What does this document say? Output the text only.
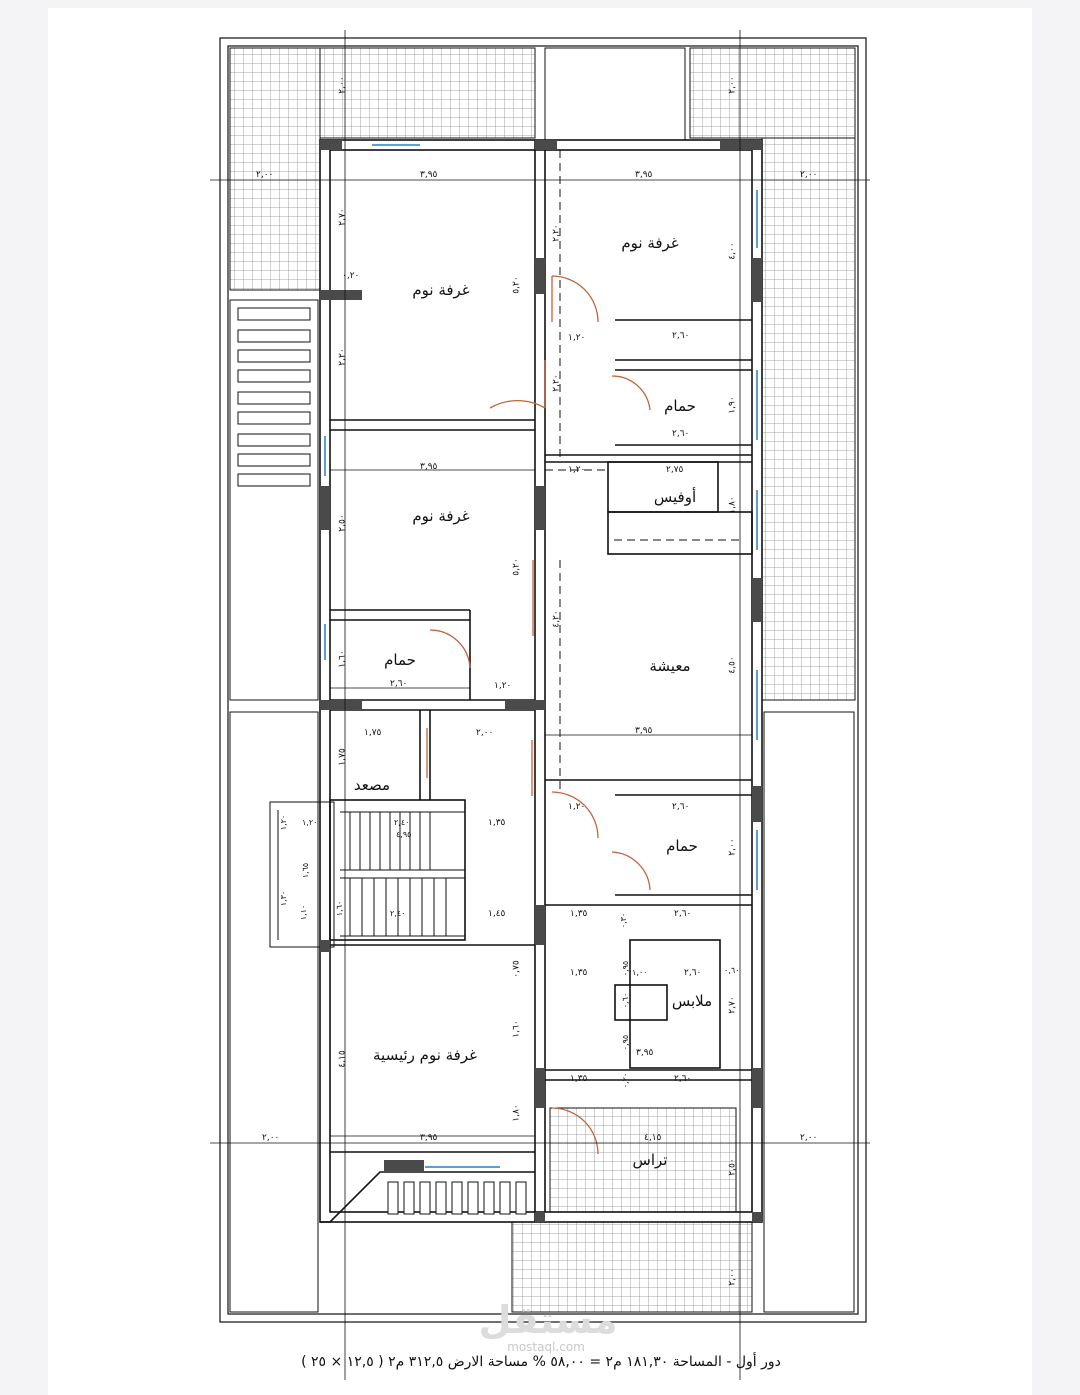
غرفة نوم
غرفة نوم
حمام
أوفيس
غرفة نوم
حمام	معيشة
مصعد
حمام
ملابس
غرفة نوم رئيسية
تراس
٢,٠٠	٢,٠٠
٣,٩٥	٣,٩٥
٢,٠٠	٢,٠٠
٢,٧٠
٢,٢٠
٠,٢٠
٥,٢٠
٢,٢٠
٤,٠٠
١,٢٠	٢,٦٠
٢,٢٠
١,٩٠
٢,٦٠
١,٢٠	٢,٧٥
١,٨٠
٣,٩٥
٢,٥٠
٥,٢٠
٤,٢٠
١,٦٠	٤,٥٠
٢,٦٠	١,٢٠
١,٧٥	٢,٠٠	٣,٩٥
١,٧٥
١,٢٠	٢,٦٠
٢,٠٠
١,٢٠	٢,٤٠
٤,٩٥
١,٣٥
١,٢٠
١,٦٥
١,٣٠
١,٦٠
١,١٠	٢,٤٠	١,٤٥	١,٣٥	٢,٦٠
٠,٣٠
٠,٧٥	١,٣٥	٠,٩٥ ١,٠٠	٢,٦٠	٠,٦٠
٢,٧٠
٠,٦٠
١,٦٠
٤,١٥
٠,٩٥
٣,٩٥
١,٣٥	٠,٢٠	٢,٦٠
١,٨٠
٢,٠٠	٣,٩٥	٤,١٥	٢,٠٠
٢,٥٠
٢,٠٠
مستقل
mostaql.com
دور أول - المساحة ١٨١,٣٠ م٢ = ٥٨,٠٠ % مساحة الارض ٣١٢,٥ م٢ ( ١٢,٥ × ٢٥ )
